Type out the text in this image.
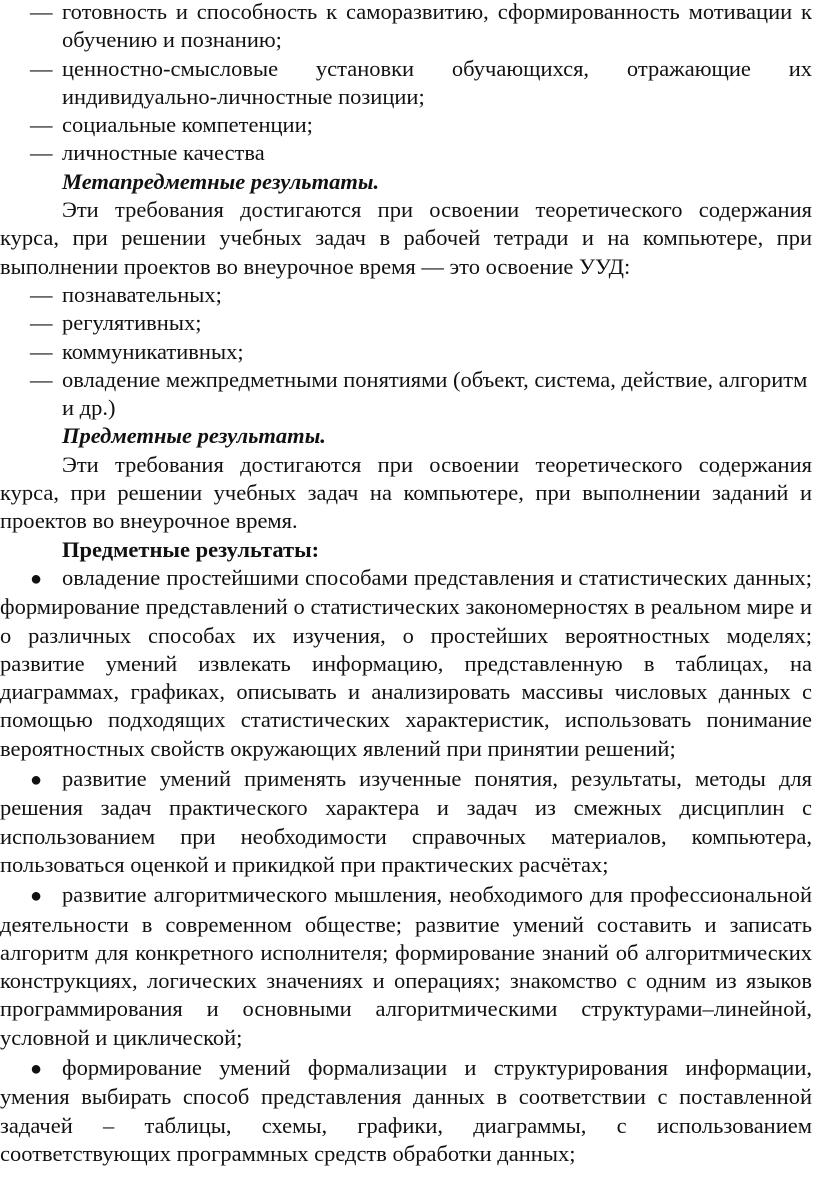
— готовность и способность к саморазвитию, сформированность мотивации к обучению и познанию;

— ценностно-смысловые установки обучающихся, отражающие их индивидуально-личностные позиции;

— социальные компетенции;

— личностные качества

Метапредметные результаты.

Эти требования достигаются при освоении теоретического содержания курса, при решении учебных задач в рабочей тетради и на компьютере, при выполнении проектов во внеурочное время — это освоение УУД:

— познавательных;

— регулятивных;

— коммуникативных;

— овладение межпредметными понятиями (объект, система, действие, алгоритм и др.)

Предметные результаты.

Эти требования достигаются при освоении теоретического содержания курса, при решении учебных задач на компьютере, при выполнении заданий и проектов во внеурочное время.

Предметные результаты:

● овладение простейшими способами представления и статистических данных; формирование представлений о статистических закономерностях в реальном мире и о различных способах их изучения, о простейших вероятностных моделях; развитие умений извлекать информацию, представленную в таблицах, на диаграммах, графиках, описывать и анализировать массивы числовых данных с помощью подходящих статистических характеристик, использовать понимание вероятностных свойств окружающих явлений при принятии решений;

● развитие умений применять изученные понятия, результаты, методы для решения задач практического характера и задач из смежных дисциплин с использованием при необходимости справочных материалов, компьютера, пользоваться оценкой и прикидкой при практических расчётах;

● развитие алгоритмического мышления, необходимого для профессиональной деятельности в современном обществе; развитие умений составить и записать алгоритм для конкретного исполнителя; формирование знаний об алгоритмических конструкциях, логических значениях и операциях; знакомство с одним из языков программирования и основными алгоритмическими структурами–линейной, условной и циклической;

● формирование умений формализации и структурирования информации, умения выбирать способ представления данных в соответствии с поставленной задачей – таблицы, схемы, графики, диаграммы, с использованием соответствующих программных средств обработки данных;
